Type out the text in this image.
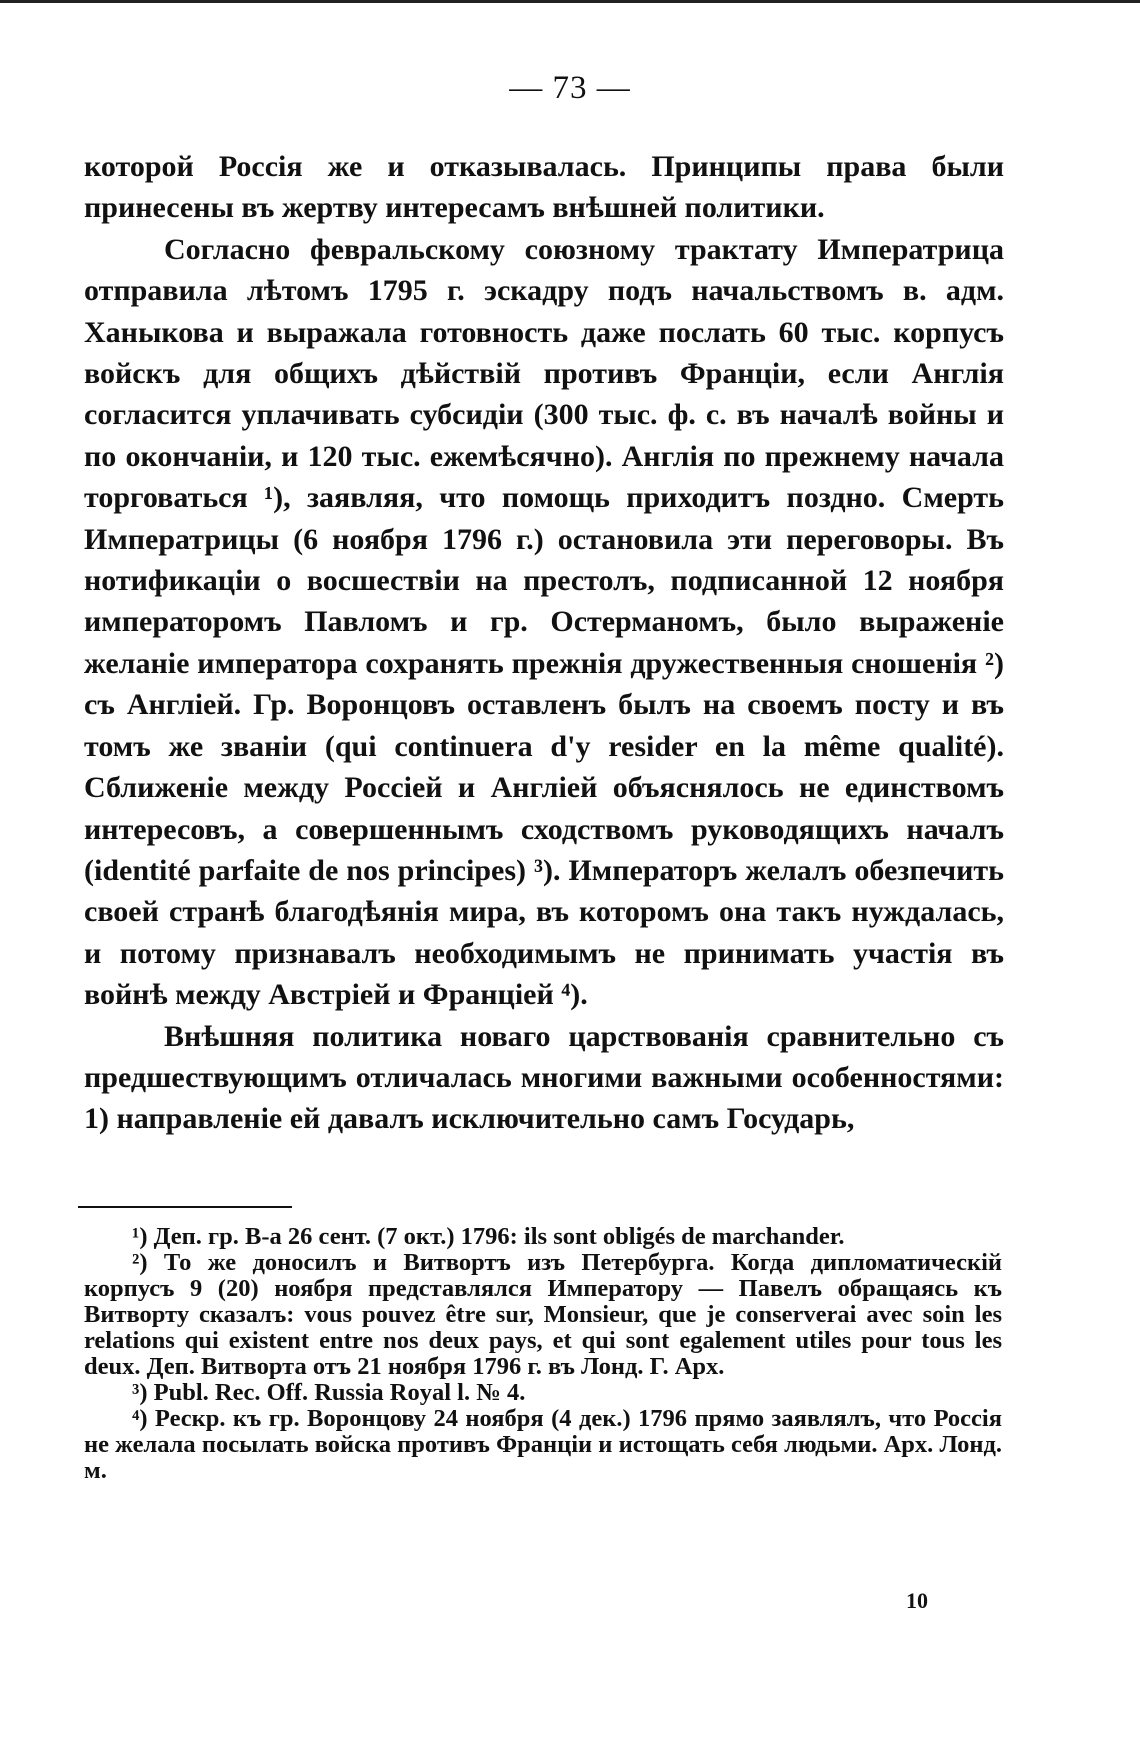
— 73 —

которой Россія же и отказывалась. Принципы права были принесены въ жертву интересамъ внѣшней политики.

Согласно февральскому союзному трактату Императрица отправила лѣтомъ 1795 г. эскадру подъ начальствомъ в. адм. Ханыкова и выражала готовность даже послать 60 тыс. корпусъ войскъ для общихъ дѣйствій противъ Франціи, если Англія согласится уплачивать субсидіи (300 тыс. ф. с. въ началѣ войны и по окончаніи, и 120 тыс. ежемѣсячно). Англія по прежнему начала торговаться ¹), заявляя, что помощь приходитъ поздно. Смерть Императрицы (6 ноября 1796 г.) остановила эти переговоры. Въ нотификаціи о восшествіи на престолъ, подписанной 12 ноября императоромъ Павломъ и гр. Остерманомъ, было выраженіе желаніе императора сохранять прежнія дружественныя сношенія ²) съ Англіей. Гр. Воронцовъ оставленъ былъ на своемъ посту и въ томъ же званіи (qui continuera d'y resider en la même qualité). Сближеніе между Россіей и Англіей объяснялось не единствомъ интересовъ, а совершеннымъ сходствомъ руководящихъ началъ (identité parfaite de nos principes) ³). Императоръ желалъ обезпечить своей странѣ благодѣянія мира, въ которомъ она такъ нуждалась, и потому признавалъ необходимымъ не принимать участія въ войнѣ между Австріей и Франціей ⁴).

Внѣшняя политика новаго царствованія сравнительно съ предшествующимъ отличалась многими важными особенностями: 1) направленіе ей давалъ исключительно самъ Государь,

¹) Деп. гр. В-а 26 сент. (7 окт.) 1796: ils sont obligés de marchander.

²) То же доносилъ и Витвортъ изъ Петербурга. Когда дипломатическій корпусъ 9 (20) ноября представлялся Императору — Павелъ обращаясь къ Витворту сказалъ: vous pouvez être sur, Monsieur, que je conserverai avec soin les relations qui existent entre nos deux pays, et qui sont egalement utiles pour tous les deux. Деп. Витворта отъ 21 ноября 1796 г. въ Лонд. Г. Арх.

³) Publ. Rec. Off. Russia Royal l. № 4.

⁴) Рескр. къ гр. Воронцову 24 ноября (4 дек.) 1796 прямо заявлялъ, что Россія не желала посылать войска противъ Франціи и истощать себя людьми. Арх. Лонд. м.

10
